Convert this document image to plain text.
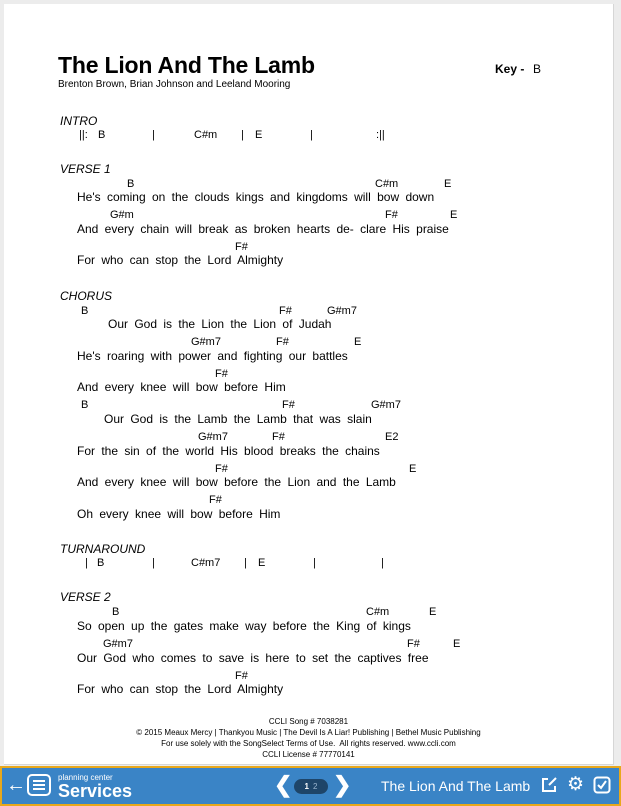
The Lion And The Lamb
Brenton Brown, Brian Johnson and Leeland Mooring
Key - B
INTRO
||: B	|	C#m | E	|	:||
VERSE 1
B	C#m	E
He's coming on the clouds kings and kingdoms will bow down
G#m	F#	E
And every chain will break as broken hearts de- clare His praise
F#
For who can stop the Lord Almighty
CHORUS
B	F#	G#m7
Our God is the Lion the Lion of Judah
G#m7	F#	E
He's roaring with power and fighting our battles
F#
And every knee will bow before Him
B	F#	G#m7
Our God is the Lamb the Lamb that was slain
G#m7	F#	E2
For the sin of the world His blood breaks the chains
F#	E
And every knee will bow before the Lion and the Lamb
F#
Oh every knee will bow before Him
TURNAROUND
| B	|	C#m7 | E	|	|
VERSE 2
B	C#m	E
So open up the gates make way before the King of kings
G#m7	F#	E
Our God who comes to save is here to set the captives free
F#
For who can stop the Lord Almighty
CCLI Song # 7038281
© 2015 Meaux Mercy | Thankyou Music | The Devil Is A Liar! Publishing | Bethel Music Publishing
For use solely with the SongSelect Terms of Use.  All rights reserved. www.ccli.com
CCLI License # 77770141
←	planning center
Services	❮	1 2 ❯ The Lion And The Lamb ⚙
